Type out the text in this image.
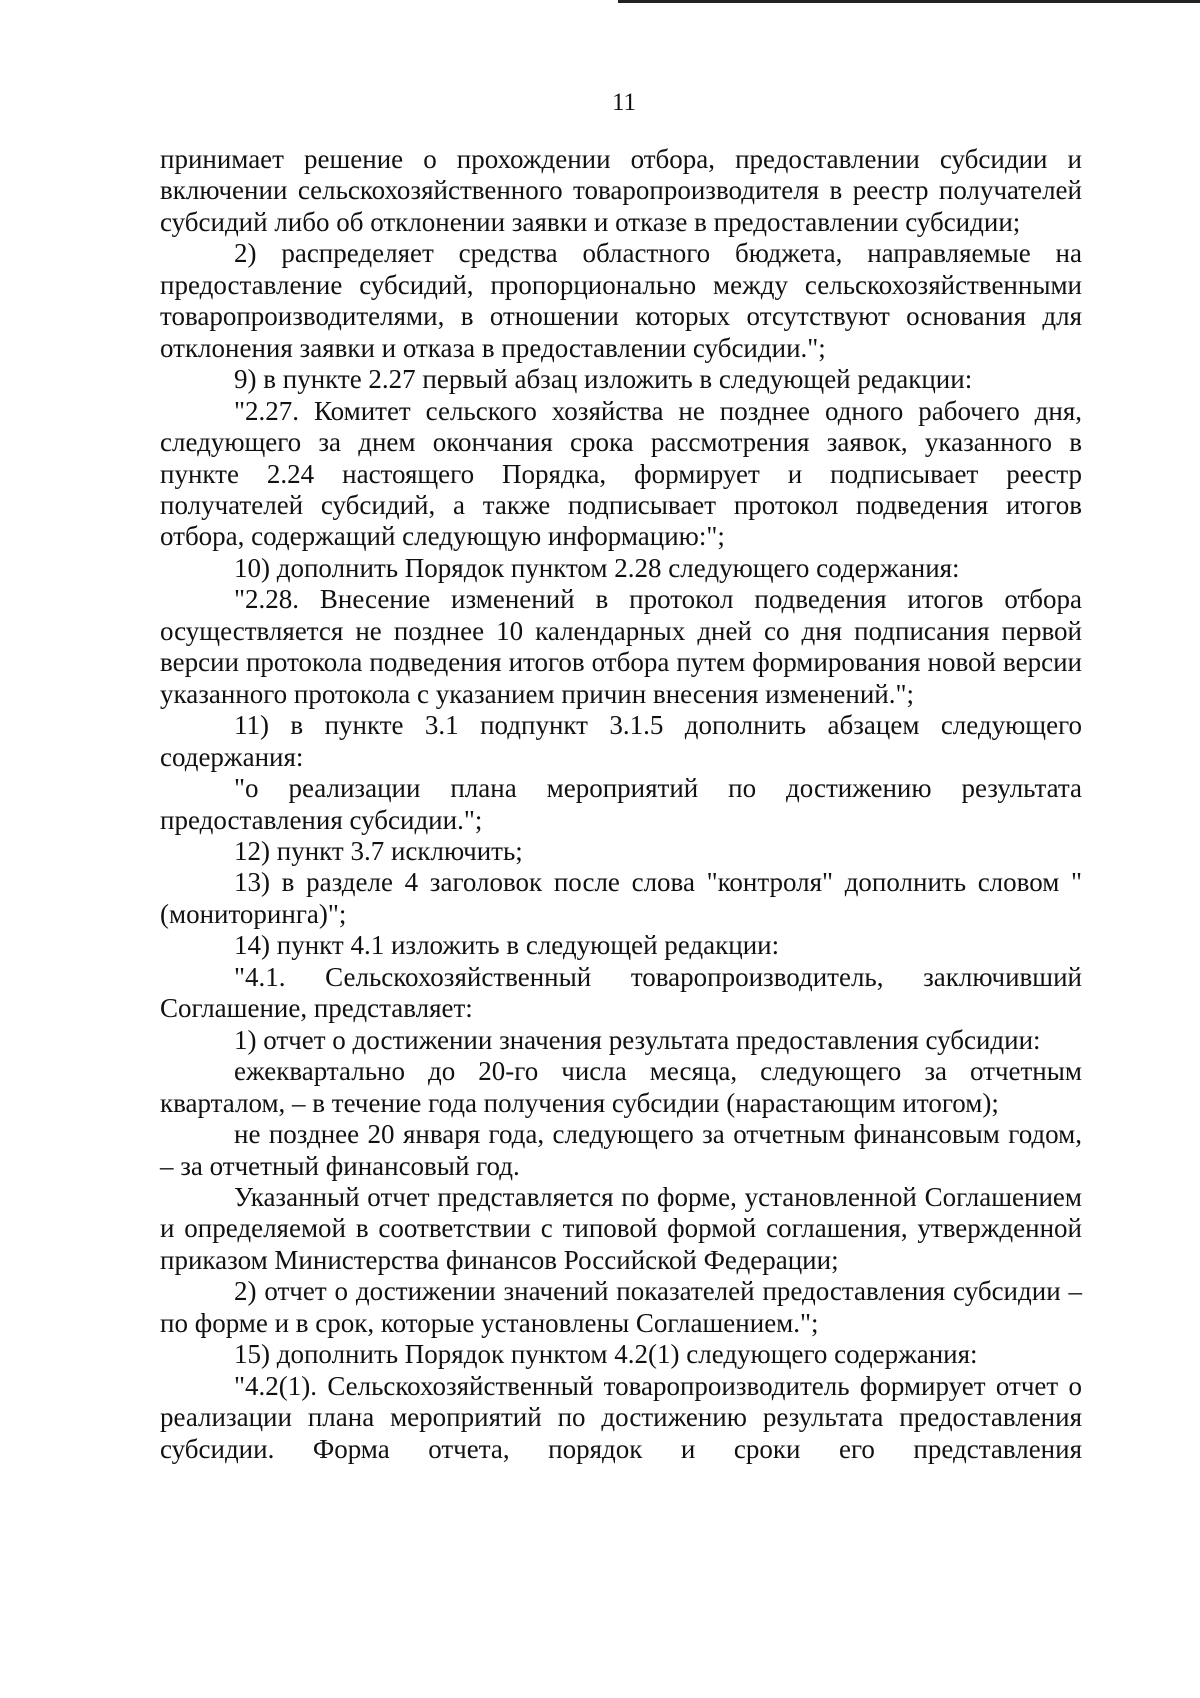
11

принимает решение о прохождении отбора, предоставлении субсидии и включении сельскохозяйственного товаропроизводителя в реестр получателей субсидий либо об отклонении заявки и отказе в предоставлении субсидии;

2) распределяет средства областного бюджета, направляемые на предоставление субсидий, пропорционально между сельскохозяйственными товаропроизводителями, в отношении которых отсутствуют основания для отклонения заявки и отказа в предоставлении субсидии.";

9) в пункте 2.27 первый абзац изложить в следующей редакции:

"2.27. Комитет сельского хозяйства не позднее одного рабочего дня, следующего за днем окончания срока рассмотрения заявок, указанного в пункте 2.24 настоящего Порядка, формирует и подписывает реестр получателей субсидий, а также подписывает протокол подведения итогов отбора, содержащий следующую информацию:";

10) дополнить Порядок пунктом 2.28 следующего содержания:

"2.28. Внесение изменений в протокол подведения итогов отбора осуществляется не позднее 10 календарных дней со дня подписания первой версии протокола подведения итогов отбора путем формирования новой версии указанного протокола с указанием причин внесения изменений.";

11) в пункте 3.1 подпункт 3.1.5 дополнить абзацем следующего содержания:

"о реализации плана мероприятий по достижению результата предоставления субсидии.";

12) пункт 3.7 исключить;

13) в разделе 4 заголовок после слова "контроля" дополнить словом "(мониторинга)";

14) пункт 4.1 изложить в следующей редакции:

"4.1. Сельскохозяйственный товаропроизводитель, заключивший Соглашение, представляет:

1) отчет о достижении значения результата предоставления субсидии:

ежеквартально до 20-го числа месяца, следующего за отчетным кварталом, – в течение года получения субсидии (нарастающим итогом);

не позднее 20 января года, следующего за отчетным финансовым годом, – за отчетный финансовый год.

Указанный отчет представляется по форме, установленной Соглашением и определяемой в соответствии с типовой формой соглашения, утвержденной приказом Министерства финансов Российской Федерации;

2) отчет о достижении значений показателей предоставления субсидии – по форме и в срок, которые установлены Соглашением.";

15) дополнить Порядок пунктом 4.2(1) следующего содержания:

"4.2(1). Сельскохозяйственный товаропроизводитель формирует отчет о реализации плана мероприятий по достижению результата предоставления субсидии. Форма отчета, порядок и сроки его представления
